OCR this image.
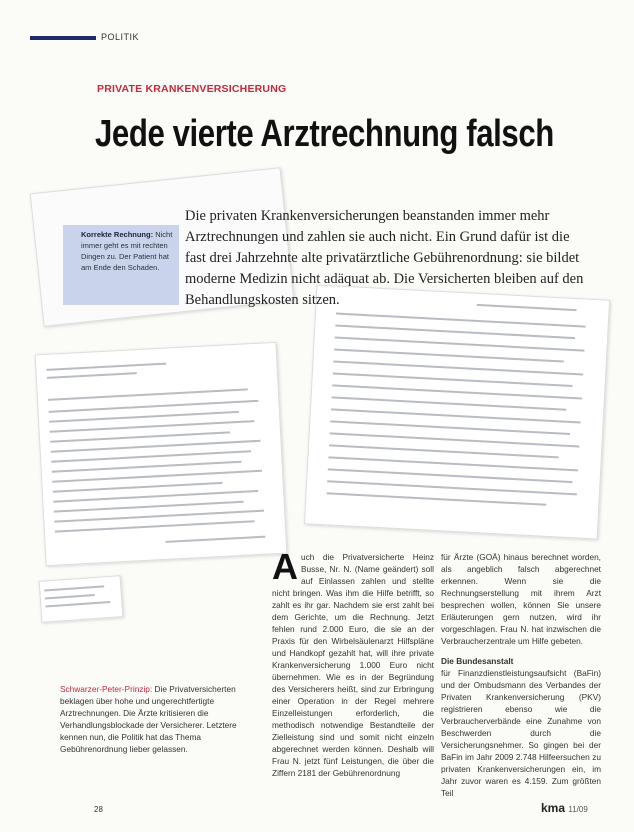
POLITIK
PRIVATE KRANKENVERSICHERUNG
Jede vierte Arztrechnung falsch
Korrekte Rechnung: Nicht immer geht es mit rechten Dingen zu. Der Patient hat am Ende den Schaden.
Die privaten Krankenversicherungen beanstanden immer mehr Arztrechnungen und zahlen sie auch nicht. Ein Grund dafür ist die fast drei Jahrzehnte alte privatärztliche Gebührenordnung: sie bildet moderne Medizin nicht adäquat ab. Die Versicherten bleiben auf den Behandlungskosten sitzen.
Schwarzer-Peter-Prinzip: Die Privatversicherten beklagen über hohe und ungerechtfertigte Arztrechnungen. Die Ärzte kritisieren die Verhandlungsblockade der Versicherer. Letztere kennen nun, die Politik hat das Thema Gebührenordnung lieber gelassen.
Auch die Privatversicherte Heinz Busse, Nr. N. (Name geändert) soll auf Einlassen zahlen und stellte nicht bringen. Was ihm die Hilfe betrifft, so zahlt es ihr gar. Nachdem sie erst zahlt bei dem Gerichte, um die Rechnung. Jetzt fehlen rund 2.000 Euro, die sie an der Praxis für den Wirbelsäulenarzt Hilfspläne und Handkopf gezahlt hat, will ihre private Krankenversicherung 1.000 Euro nicht übernehmen. Wie es in der Begründung des Versicherers heißt, sind zur Erbringung einer Operation in der Regel mehrere Einzelleistungen erforderlich, die methodisch notwendige Bestandteile der Zielleistung sind und somit nicht einzeln abgerechnet werden können. Deshalb will Frau N. jetzt fünf Leistungen, die über die Ziffern 2181 der Gebührenordnung
für Ärzte (GOÄ) hinaus berechnet worden, als angeblich falsch abgerechnet erkennen. Wenn sie die Rechnungserstellung mit ihrem Arzt besprechen wollen, können Sie unsere Erläuterungen gern nutzen, wird ihr vorgeschlagen. Frau N. hat inzwischen die Verbraucherzentrale um Hilfe gebeten.
Die Bundesanstalt
für Finanzdienstleistungsaufsicht (BaFin) und der Ombudsmann des Verbandes der Privaten Krankenversicherung (PKV) registrieren ebenso wie die Verbraucherverbände eine Zunahme von Beschwerden durch die Versicherungsnehmer. So gingen bei der BaFin im Jahr 2009 2.748 Hilfeersuchen zu privaten Krankenversicherungen ein, im Jahr zuvor waren es 4.159. Zum größten Teil
28	kma 11/09
